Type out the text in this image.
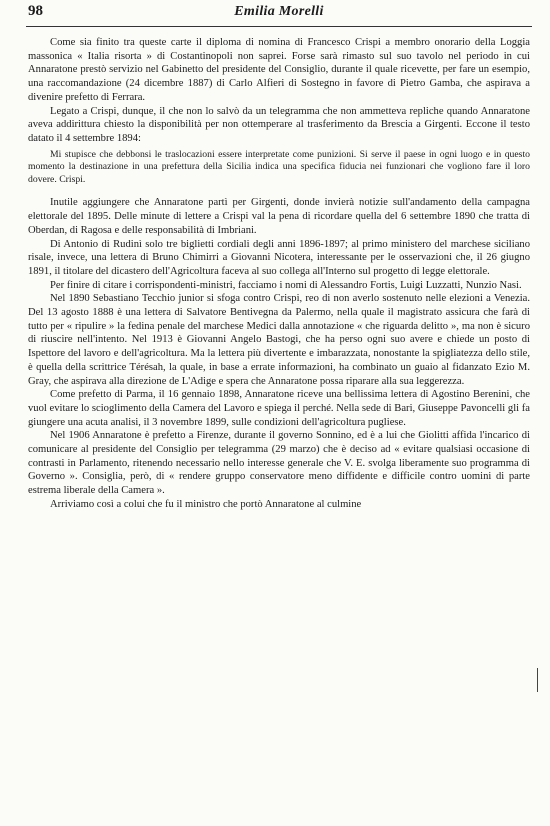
98	Emilia Morelli

Come sia finito tra queste carte il diploma di nomina di Francesco Crispi a membro onorario della Loggia massonica « Italia risorta » di Costantinopoli non saprei. Forse sarà rimasto sul suo tavolo nel periodo in cui Annaratone prestò servizio nel Gabinetto del presidente del Consiglio, durante il quale ricevette, per fare un esempio, una raccomandazione (24 dicembre 1887) di Carlo Alfieri di Sostegno in favore di Pietro Gamba, che aspirava a divenire prefetto di Ferrara.

Legato a Crispi, dunque, il che non lo salvò da un telegramma che non ammetteva repliche quando Annaratone aveva addirittura chiesto la disponibilità per non ottemperare al trasferimento da Brescia a Girgenti. Eccone il testo datato il 4 settembre 1894:

Mi stupisce che debbonsi le traslocazioni essere interpretate come punizioni. Si serve il paese in ogni luogo e in questo momento la destinazione in una prefettura della Sicilia indica una specifica fiducia nei funzionari che vogliono fare il loro dovere. Crispi.

Inutile aggiungere che Annaratone partì per Girgenti, donde invierà notizie sull'andamento della campagna elettorale del 1895. Delle minute di lettere a Crispi val la pena di ricordare quella del 6 settembre 1890 che tratta di Oberdan, di Ragosa e delle responsabilità di Imbriani.

Di Antonio di Rudinì solo tre biglietti cordiali degli anni 1896-1897; al primo ministero del marchese siciliano risale, invece, una lettera di Bruno Chimirri a Giovanni Nicotera, interessante per le osservazioni che, il 26 giugno 1891, il titolare del dicastero dell'Agricoltura faceva al suo collega all'Interno sul progetto di legge elettorale.

Per finire di citare i corrispondenti-ministri, facciamo i nomi di Alessandro Fortis, Luigi Luzzatti, Nunzio Nasi.

Nel 1890 Sebastiano Tecchio junior si sfoga contro Crispi, reo di non averlo sostenuto nelle elezioni a Venezia. Del 13 agosto 1888 è una lettera di Salvatore Bentivegna da Palermo, nella quale il magistrato assicura che farà di tutto per « ripulire » la fedina penale del marchese Medici dalla annotazione « che riguarda delitto », ma non è sicuro di riuscire nell'intento. Nel 1913 è Giovanni Angelo Bastogi, che ha perso ogni suo avere e chiede un posto di Ispettore del lavoro e dell'agricoltura. Ma la lettera più divertente e imbarazzata, nonostante la spigliatezza dello stile, è quella della scrittrice Térésah, la quale, in base a errate informazioni, ha combinato un guaio al fidanzato Ezio M. Gray, che aspirava alla direzione de L'Adige e spera che Annaratone possa riparare alla sua leggerezza.

Come prefetto di Parma, il 16 gennaio 1898, Annaratone riceve una bellissima lettera di Agostino Berenini, che vuol evitare lo scioglimento della Camera del Lavoro e spiega il perché. Nella sede di Bari, Giuseppe Pavoncelli gli fa giungere una acuta analisi, il 3 novembre 1899, sulle condizioni dell'agricoltura pugliese.

Nel 1906 Annaratone è prefetto a Firenze, durante il governo Sonnino, ed è a lui che Giolitti affida l'incarico di comunicare al presidente del Consiglio per telegramma (29 marzo) che è deciso ad « evitare qualsiasi occasione di contrasti in Parlamento, ritenendo necessario nello interesse generale che V. E. svolga liberamente suo programma di Governo ». Consiglia, però, di « rendere gruppo conservatore meno diffidente e difficile contro uomini di parte estrema liberale della Camera ».

Arriviamo così a colui che fu il ministro che portò Annaratone al culmine
